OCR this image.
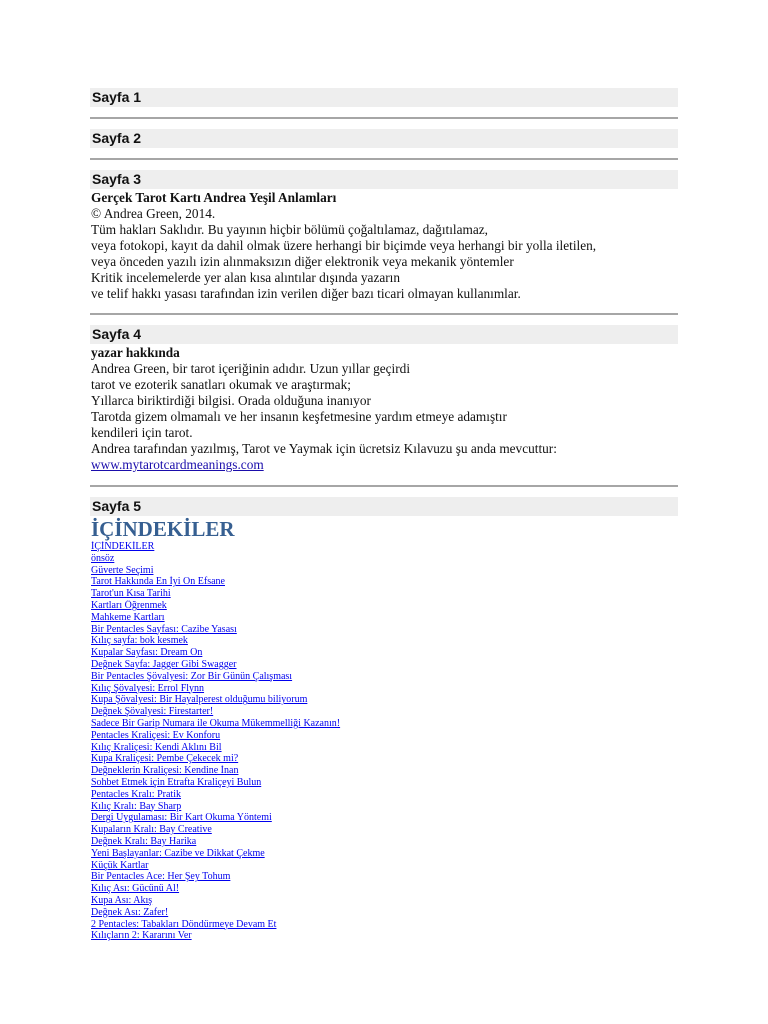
Sayfa 1
Sayfa 2
Sayfa 3
Gerçek Tarot Kartı Andrea Yeşil Anlamları
© Andrea Green, 2014.
Tüm hakları Saklıdır. Bu yayının hiçbir bölümü çoğaltılamaz, dağıtılamaz,
veya fotokopi, kayıt da dahil olmak üzere herhangi bir biçimde veya herhangi bir yolla iletilen,
veya önceden yazılı izin alınmaksızın diğer elektronik veya mekanik yöntemler
Kritik incelemelerde yer alan kısa alıntılar dışında yazarın
ve telif hakkı yasası tarafından izin verilen diğer bazı ticari olmayan kullanımlar.
Sayfa 4
yazar hakkında
Andrea Green, bir tarot içeriğinin adıdır. Uzun yıllar geçirdi
tarot ve ezoterik sanatları okumak ve araştırmak;
Yıllarca biriktirdiği bilgisi. Orada olduğuna inanıyor
Tarotda gizem olmamalı ve her insanın keşfetmesine yardım etmeye adamıştır
kendileri için tarot.
Andrea tarafından yazılmış, Tarot ve Yaymak için ücretsiz Kılavuzu şu anda mevcuttur:
www.mytarotcardmeanings.com
Sayfa 5
İÇİNDEKİLER
İÇİNDEKİLER
önsöz
Güverte Seçimi
Tarot Hakkında En İyi On Efsane
Tarot'un Kısa Tarihi
Kartları Öğrenmek
Mahkeme Kartları
Bir Pentacles Sayfası: Cazibe Yasası
Kılıç sayfa: bok kesmek
Kupalar Sayfası: Dream On
Değnek Sayfa: Jagger Gibi Swagger
Bir Pentacles Şövalyesi: Zor Bir Günün Çalışması
Kılıç Şövalyesi: Errol Flynn
Kupa Şövalyesi: Bir Hayalperest olduğumu biliyorum
Değnek Şövalyesi: Firestarter!
Sadece Bir Garip Numara ile Okuma Mükemmelliği Kazanın!
Pentacles Kraliçesi: Ev Konforu
Kılıç Kraliçesi: Kendi Aklını Bil
Kupa Kraliçesi: Pembe Çekecek mi?
Değneklerin Kraliçesi: Kendine İnan
Sohbet Etmek için Etrafta Kraliçeyi Bulun
Pentacles Kralı: Pratik
Kılıç Kralı: Bay Sharp
Dergi Uygulaması: Bir Kart Okuma Yöntemi
Kupaların Kralı: Bay Creative
Değnek Kralı: Bay Harika
Yeni Başlayanlar: Cazibe ve Dikkat Çekme
Küçük Kartlar
Bir Pentacles Ace: Her Şey Tohum
Kılıç Ası: Gücünü Al!
Kupa Ası: Akış
Değnek Ası: Zafer!
2 Pentacles: Tabakları Döndürmeye Devam Et
Kılıçların 2: Kararını Ver
